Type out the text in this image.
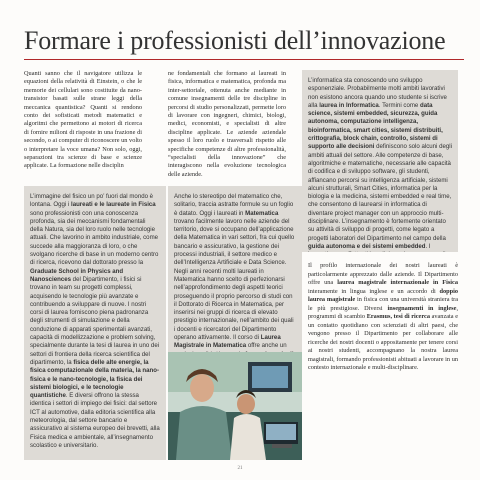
Formare i professionisti dell’innovazione
Quanti sanno che il navigatore utilizza le equazioni della relatività di Einstein, o che le memorie dei cellulari sono costituite da nano-transistor basati sulle strane leggi della meccanica quantistica? Quanti si rendono conto dei sofisticati metodi matematici e algoritmi che permettono ai motori di ricerca di fornire milioni di risposte in una frazione di secondo, o ai computer di riconoscere un volto o interpretare la voce umana? Non solo, oggi, separazioni tra scienze di base e scienze applicate. La formazione nelle disciplin
ne fondamentali che formano ai laureati in fisica, informatica e matematica, profonda ma inter-settoriale, ottenuta anche mediante in comune insegnamenti delle tre discipline in percorsi di studio personalizzati, permette loro di lavorare con ingegneri, chimici, biologi, medici, economisti, e specialisti di altre discipline applicate. Le aziende aziendale spesso il loro ruolo e trasversali rispetto alle specifiche competenze di altre professionalità, “specialisti della innovazione” che interagiscono nella evoluzione tecnologica delle aziende.
L’informatica sta conoscendo uno sviluppo esponenziale. Probabilmente molti ambiti lavorativi non esistono ancora quando uno studente si iscrive alla laurea in Informatica. Termini come data science, sistemi embedded, sicurezza, guida autonoma, computazione intelligenza, bioinformatica, smart cities, sistemi distribuiti, crittografia, block chain, controllo, sistemi di supporto alle decisioni definiscono solo alcuni degli ambiti attuali del settore. Alle competenze di base, algoritmiche e matematiche, necessarie alle capacità di codifica e di sviluppo software, gli studenti, affiancano percorsi su intelligenza artificiale, sistemi alcuni strutturali, Smart Cities, informatica per la biologia e la medicina, sistemi embedded e real time, che consentono di laurearsi in informatica di diventare project manager con un approccio multi-disciplinare. L’insegnamento è fortemente orientato su attività di sviluppo di progetti, come legato a progetti laboratori del Dipartimento nel campo della guida autonoma e dei sistemi embedded. I
L’immagine del fisico un po’ fuori dal mondo è lontana. Oggi i laureati e le laureate in Fisica sono professionisti con una conoscenza profonda, sia dei meccanismi fondamentali della Natura, sia del loro ruolo nelle tecnologie attuali. Che lavorino in ambito industriale, come succede alla maggioranza di loro, o che svolgano ricerche di base in un moderno centro di ricerca, ricevono dal dottorato presso la Graduate School in Physics and Nanosciences del Dipartimento, i fisici si trovano in team su progetti complessi, acquisendo le tecnologie più avanzate e contribuendo a sviluppare di nuove. I nostri corsi di laurea forniscono piena padronanza degli strumenti di simulazione e della conduzione di apparati sperimentali avanzati, capacità di modellizzazione e problem solving, specialmente durante la tesi di laurea in uno dei settori di frontiera della ricerca scientifica del dipartimento, la fisica delle alte energie, la fisica computazionale della materia, la nano-fisica e le nano-tecnologie, la fisica dei sistemi biologici, e le tecnologie quantistiche. E diversi offrono la stessa identica i settori di impiego dei fisici: dal settore ICT al automotive, dalla editoria scientifica alla meteorologia, dal settore bancario e assicurativo al sistema europeo dei brevetti, alla Fisica medica e ambientale, all’insegnamento scolastico e universitario.
Anche lo stereotipo del matematico che, solitario, traccia astratte formule su un foglio è datato. Oggi i laureati in Matematica trovano facilmente lavoro nelle aziende del territorio, dove si occupano dell’applicazione della Matematica in vari settori, fra cui quello bancario e assicurativo, la gestione dei processi industriali, il settore medico e dell’Intelligenza Artificiale e Data Science. Negli anni recenti molti laureati in Matematica hanno scelto di perfezionarsi nell’approfondimento degli aspetti teorici proseguendo il proprio percorso di studi con il Dottorato di Ricerca in Matematica, per inserirsi nei gruppi di ricerca di elevato prestigio internazionale, nell’ambito dei quali i docenti e ricercatori del Dipartimento operano attivamente. Il corso di Laurea Magistrale in Matematica offre anche un
Il profilo internazionale dei nostri laureati è particolarmente apprezzato dalle aziende. Il Dipartimento offre una laurea magistrale internazionale in Fisica interamente in lingua inglese e un accordo di doppio laurea magistrale in fisica con una università straniera tra le più prestigiose. Diversi insegnamenti in inglese, programmi di scambio Erasmus, tesi di ricerca avanzata e un contatto quotidiano con scienziati di altri paesi, che vengono presso il Dipartimento per collaborare alle ricerche dei nostri docenti o appositamente per tenere corsi ai nostri studenti, accompagnano la nostra laurea magistrali, formando professionisti abituati a lavorare in un contesto internazionale e multi-disciplinare.
21
